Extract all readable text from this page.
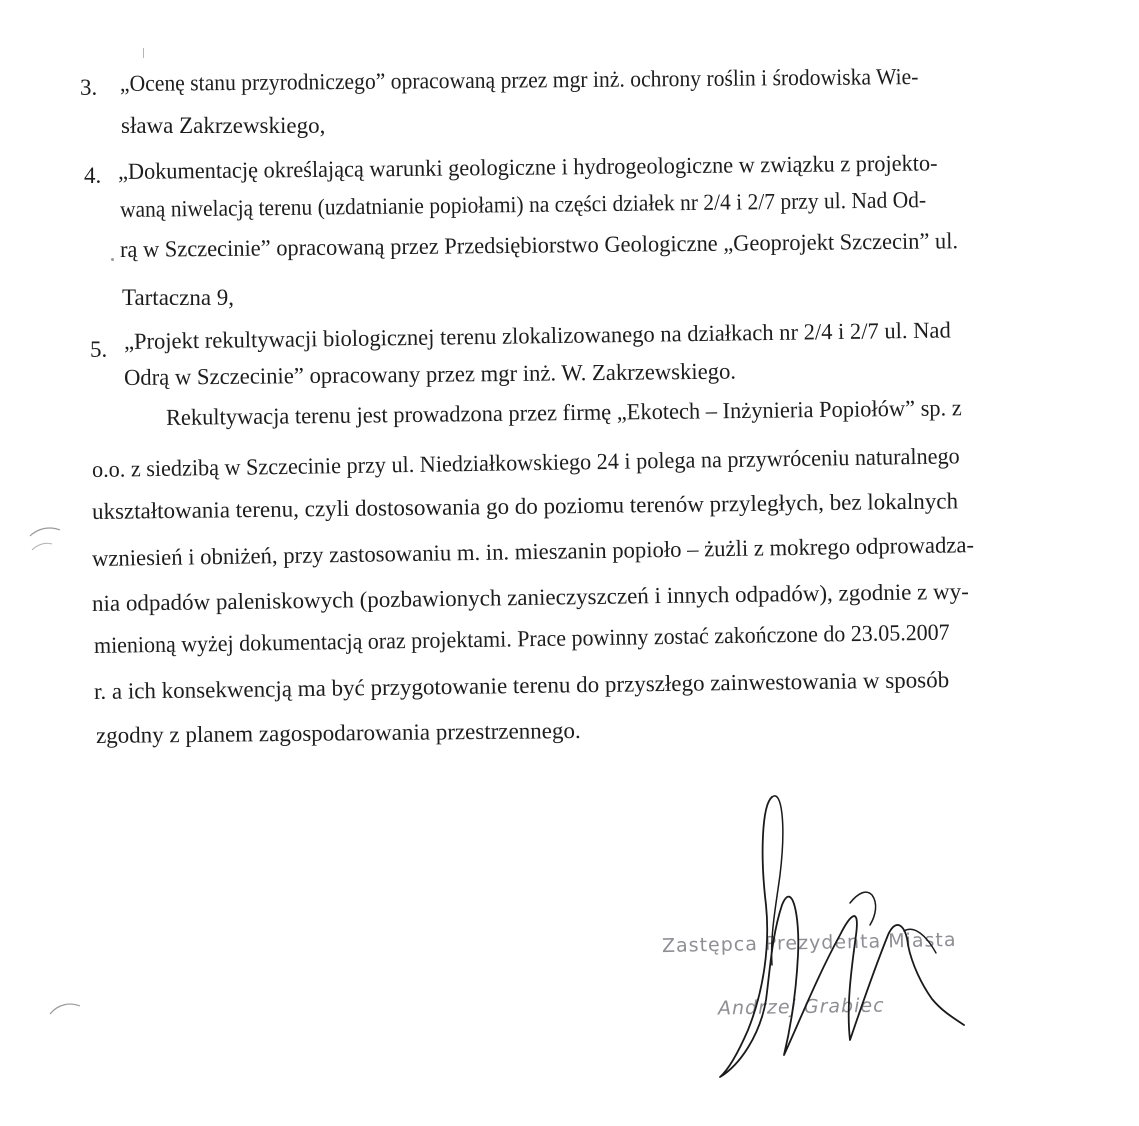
3. „Ocenę stanu przyrodniczego” opracowaną przez mgr inż. ochrony roślin i środowiska Wie-
sława Zakrzewskiego,
4. „Dokumentację określającą warunki geologiczne i hydrogeologiczne w związku z projekto-
waną niwelacją terenu (uzdatnianie popiołami) na części działek nr 2/4 i 2/7 przy ul. Nad Od-
rą w Szczecinie” opracowaną przez Przedsiębiorstwo Geologiczne „Geoprojekt Szczecin” ul.
Tartaczna 9,
5. „Projekt rekultywacji biologicznej terenu zlokalizowanego na działkach nr 2/4 i 2/7 ul. Nad
Odrą w Szczecinie” opracowany przez mgr inż. W. Zakrzewskiego.
Rekultywacja terenu jest prowadzona przez firmę „Ekotech – Inżynieria Popiołów” sp. z
o.o. z siedzibą w Szczecinie przy ul. Niedziałkowskiego 24 i polega na przywróceniu naturalnego
ukształtowania terenu, czyli dostosowania go do poziomu terenów przyległych, bez lokalnych
wzniesień i obniżeń, przy zastosowaniu m. in. mieszanin popioło – żużli z mokrego odprowadza-
nia odpadów paleniskowych (pozbawionych zanieczyszczeń i innych odpadów), zgodnie z wy-
mienioną wyżej dokumentacją oraz projektami. Prace powinny zostać zakończone do 23.05.2007
r. a ich konsekwencją ma być przygotowanie terenu do przyszłego zainwestowania w sposób
zgodny z planem zagospodarowania przestrzennego.
Zastępca Prezydenta Miasta
Andrzej Grabiec
